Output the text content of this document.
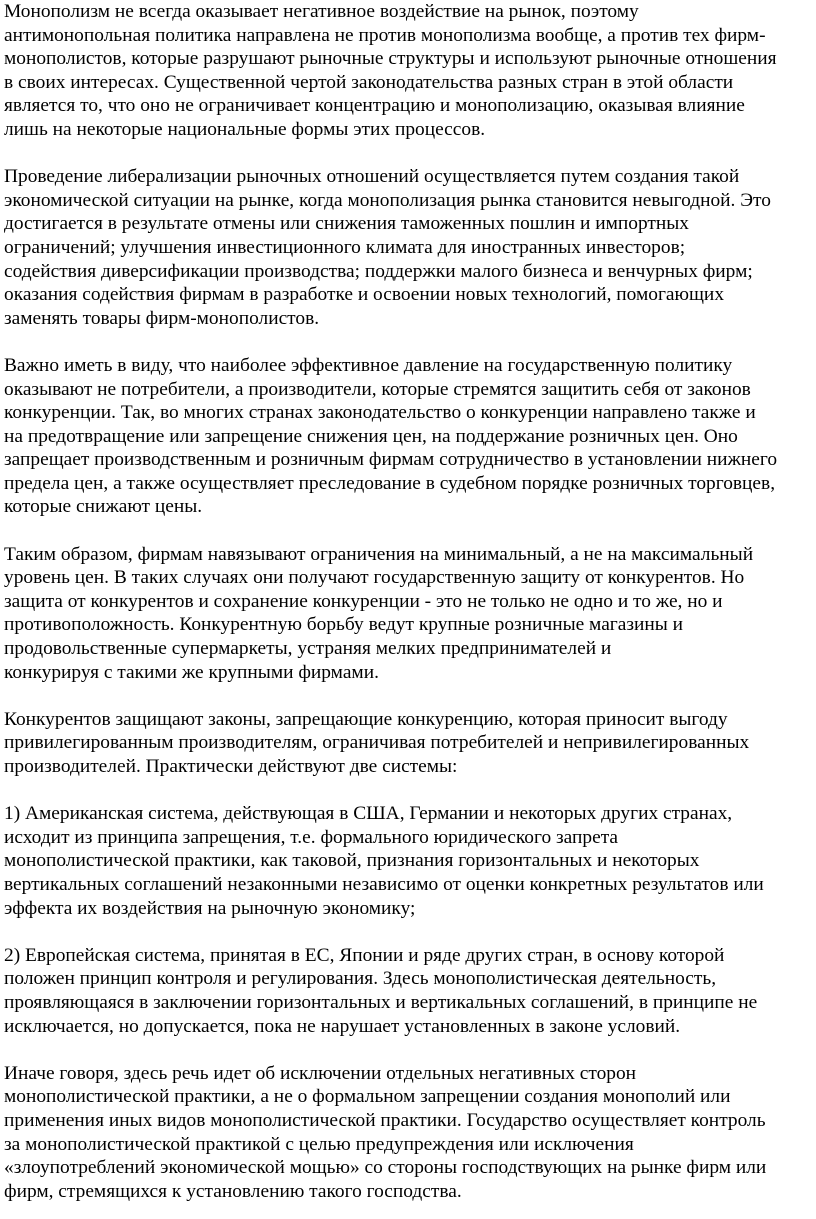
Монополизм не всегда оказывает негативное воздействие на рынок, поэтому
антимонопольная политика направлена не против монополизма вообще, а против тех фирм-
монополистов, которые разрушают рыночные структуры и используют рыночные отношения
в своих интересах. Существенной чертой законодательства разных стран в этой области
является то, что оно не ограничивает концентрацию и монополизацию, оказывая влияние
лишь на некоторые национальные формы этих процессов.

Проведение либерализации рыночных отношений осуществляется путем создания такой
экономической ситуации на рынке, когда монополизация рынка становится невыгодной. Это
достигается в результате отмены или снижения таможенных пошлин и импортных
ограничений; улучшения инвестиционного климата для иностранных инвесторов;
содействия диверсификации производства; поддержки малого бизнеса и венчурных фирм;
оказания содействия фирмам в разработке и освоении новых технологий, помогающих
заменять товары фирм-монополистов.

Важно иметь в виду, что наиболее эффективное давление на государственную политику
оказывают не потребители, а производители, которые стремятся защитить себя от законов
конкуренции. Так, во многих странах законодательство о конкуренции направлено также и
на предотвращение или запрещение снижения цен, на поддержание розничных цен. Оно
запрещает производственным и розничным фирмам сотрудничество в установлении нижнего
предела цен, а также осуществляет преследование в судебном порядке розничных торговцев,
которые снижают цены.

Таким образом, фирмам навязывают ограничения на минимальный, а не на максимальный
уровень цен. В таких случаях они получают государственную защиту от конкурентов. Но
защита от конкурентов и сохранение конкуренции - это не только не одно и то же, но и
противоположность. Конкурентную борьбу ведут крупные розничные магазины и
продовольственные супермаркеты, устраняя мелких предпринимателей и
конкурируя с такими же крупными фирмами.

Конкурентов защищают законы, запрещающие конкуренцию, которая приносит выгоду
привилегированным производителям, ограничивая потребителей и непривилегированных
производителей. Практически действуют две системы:

1) Американская система, действующая в США, Германии и некоторых других странах,
исходит из принципа запрещения, т.е. формального юридического запрета
монополистической практики, как таковой, признания горизонтальных и некоторых
вертикальных соглашений незаконными независимо от оценки конкретных результатов или
эффекта их воздействия на рыночную экономику;

2) Европейская система, принятая в ЕС, Японии и ряде других стран, в основу которой
положен принцип контроля и регулирования. Здесь монополистическая деятельность,
проявляющаяся в заключении горизонтальных и вертикальных соглашений, в принципе не
исключается, но допускается, пока не нарушает установленных в законе условий.

Иначе говоря, здесь речь идет об исключении отдельных негативных сторон
монополистической практики, а не о формальном запрещении создания монополий или
применения иных видов монополистической практики. Государство осуществляет контроль
за монополистической практикой с целью предупреждения или исключения
«злоупотреблений экономической мощью» со стороны господствующих на рынке фирм или
фирм, стремящихся к установлению такого господства.
